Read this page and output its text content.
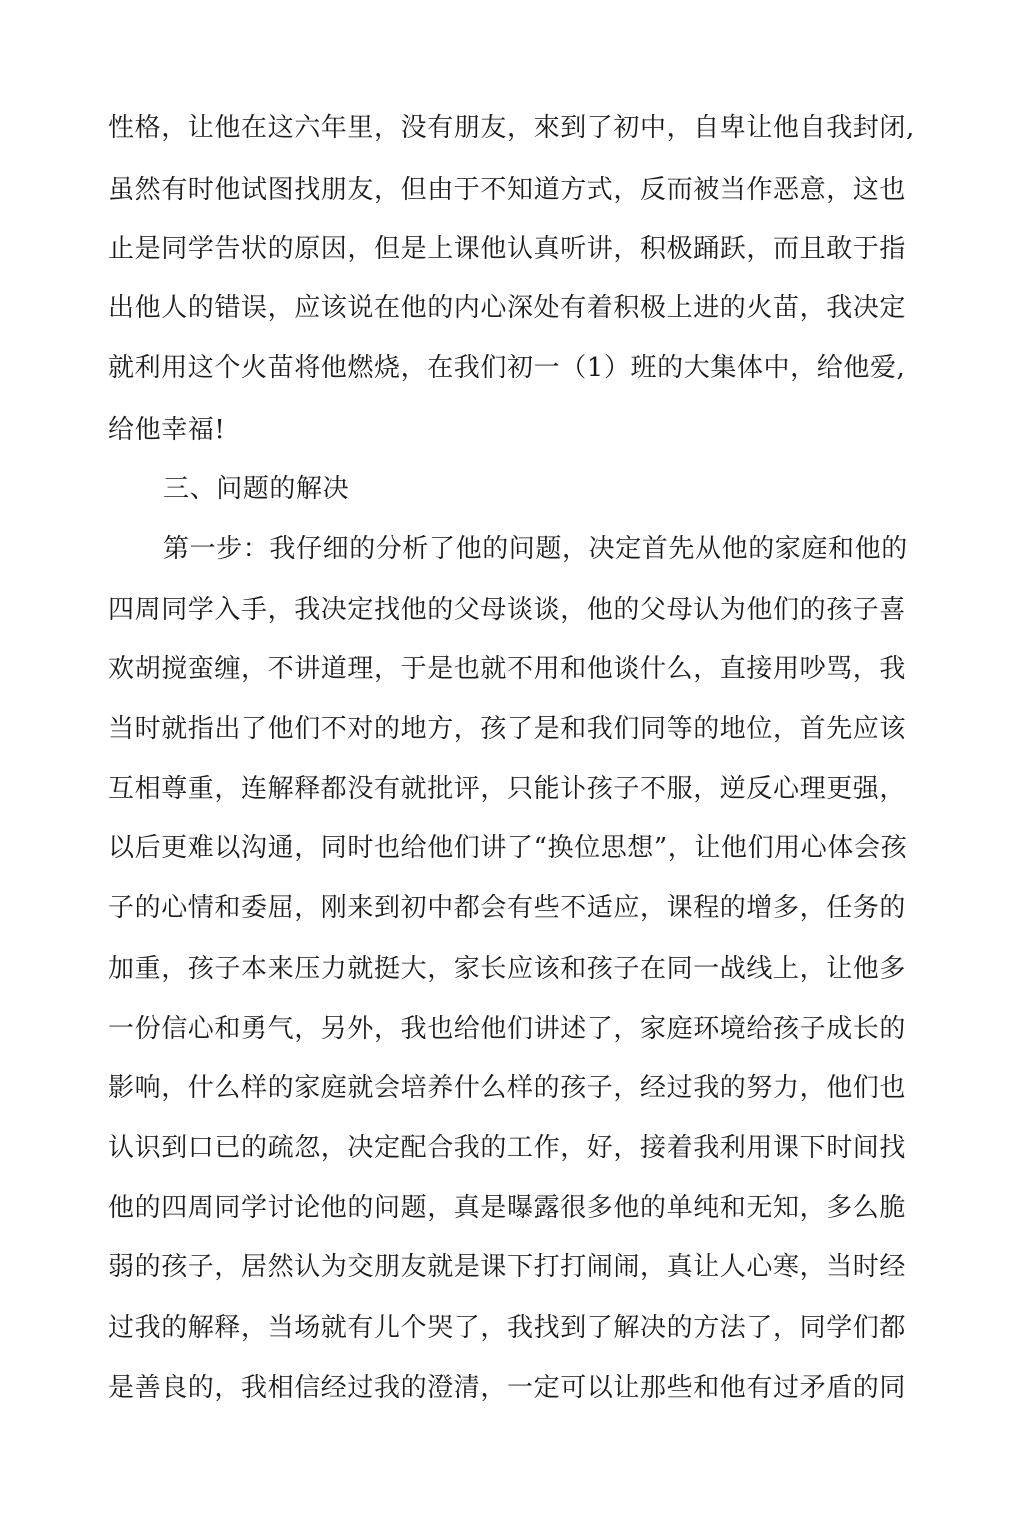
性格，让他在这六年里，没有朋友，來到了初中，自卑让他自我封闭,
虽然有时他试图找朋友，但由于不知道方式，反而被当作恶意，这也
止是同学告状的原因，但是上课他认真听讲，积极踊跃，而且敢于指
出他人的错误，应该说在他的内心深处有着积极上进的火苗，我决定
就利用这个火苗将他燃烧，在我们初一（1）班的大集体中，给他爱,
给他幸福!
三、问题的解决
第一步：我仔细的分析了他的问题，决定首先从他的家庭和他的
四周同学入手，我决定找他的父母谈谈，他的父母认为他们的孩子喜
欢胡搅蛮缠，不讲道理，于是也就不用和他谈什么，直接用吵骂，我
当时就指出了他们不对的地方，孩了是和我们同等的地位，首先应该
互相尊重，连解释都没有就批评，只能讣孩子不服，逆反心理更强，
以后更难以沟通，同时也给他们讲了“换位思想”，让他们用心体会孩
子的心情和委屈，刚来到初中都会有些不适应，课程的增多，任务的
加重，孩子本来压力就挺大，家长应该和孩子在同一战线上，让他多
一份信心和勇气，另外，我也给他们讲述了，家庭环境给孩子成长的
影响，什么样的家庭就会培养什么样的孩子，经过我的努力，他们也
认识到口已的疏忽，决定配合我的工作，好，接着我利用课下时间找
他的四周同学讨论他的问题，真是曝露很多他的单纯和无知，多么脆
弱的孩子，居然认为交朋友就是课下打打闹闹，真让人心寒，当时经
过我的解释，当场就有儿个哭了，我找到了解决的方法了，同学们都
是善良的，我相信经过我的澄清，一定可以让那些和他有过矛盾的同
